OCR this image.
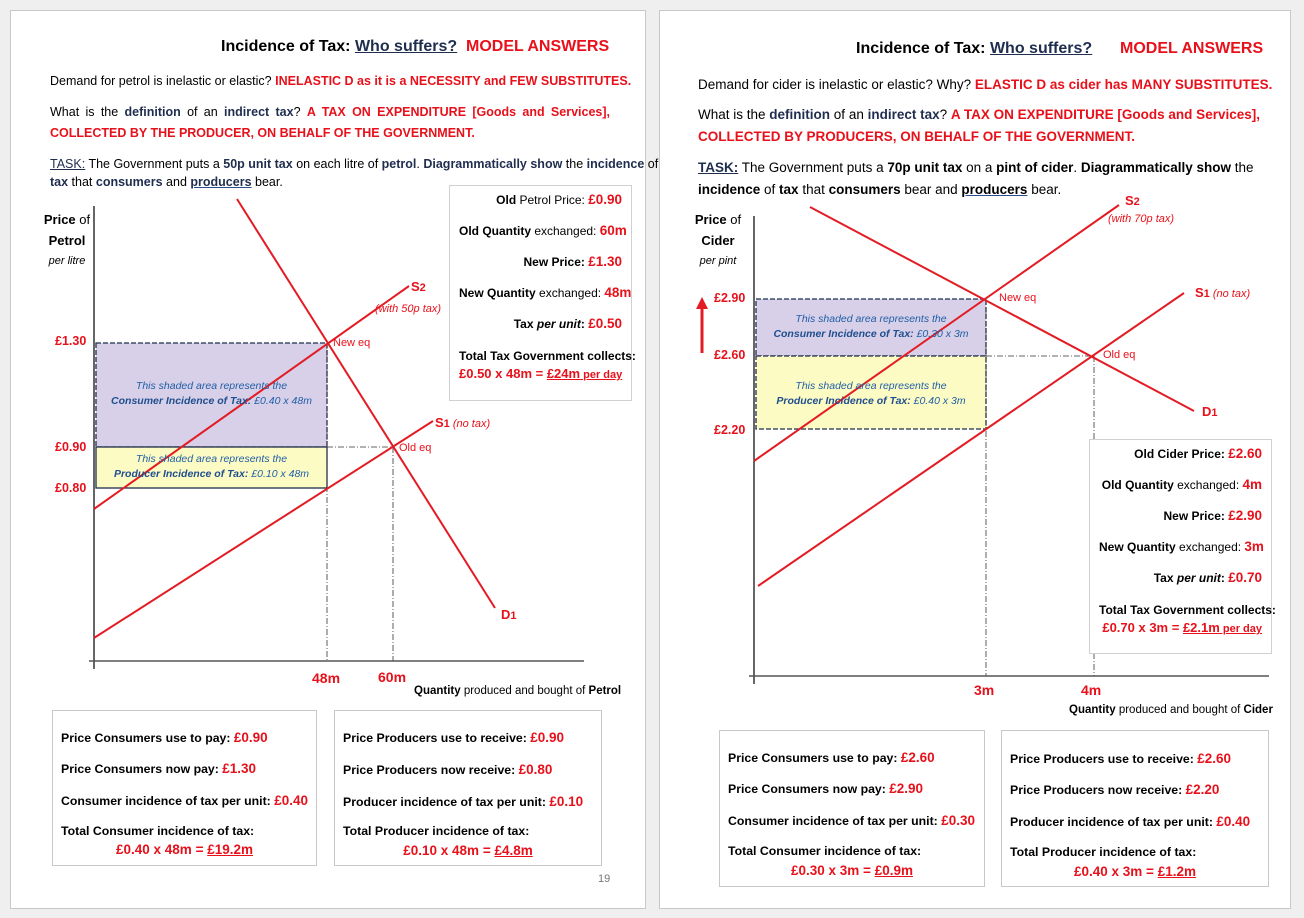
Incidence of Tax: Who suffers? MODEL ANSWERS
Demand for petrol is inelastic or elastic? INELASTIC D as it is a NECESSITY and FEW SUBSTITUTES.
What is the definition of an indirect tax? A TAX ON EXPENDITURE [Goods and Services],
COLLECTED BY THE PRODUCER, ON BEHALF OF THE GOVERNMENT.
TASK: The Government puts a 50p unit tax on each litre of petrol. Diagrammatically show the incidence of
tax that consumers and producers bear.
Price of
Petrol
per litre
£1.30
£0.90
£0.80
48m	60m
S2
(with 50p tax)
S1 (no tax)
D1
New eq
Old eq
This shaded area represents the
Consumer Incidence of Tax: £0.40 x 48m
This shaded area represents the
Producer Incidence of Tax: £0.10 x 48m
Quantity produced and bought of Petrol
Old Petrol Price: £0.90
Old Quantity exchanged: 60m
New Price: £1.30
New Quantity exchanged: 48m
Tax per unit: £0.50
Total Tax Government collects:
£0.50 x 48m = £24m per day
Price Consumers use to pay: £0.90
Price Consumers now pay: £1.30
Consumer incidence of tax per unit: £0.40
Total Consumer incidence of tax:
£0.40 x 48m = £19.2m
Price Producers use to receive: £0.90
Price Producers now receive: £0.80
Producer incidence of tax per unit: £0.10
Total Producer incidence of tax:
£0.10 x 48m = £4.8m
19
Incidence of Tax: Who suffers? MODEL ANSWERS
Demand for cider is inelastic or elastic? Why? ELASTIC D as cider has MANY SUBSTITUTES.
What is the definition of an indirect tax? A TAX ON EXPENDITURE [Goods and Services],
COLLECTED BY PRODUCERS, ON BEHALF OF THE GOVERNMENT.
TASK: The Government puts a 70p unit tax on a pint of cider. Diagrammatically show the
incidence of tax that consumers bear and producers bear.
Price of
Cider
per pint
£2.90
£2.60
£2.20
3m	4m
S2
(with 70p tax)
S1 (no tax)
D1
New eq
Old eq
This shaded area represents the
Consumer Incidence of Tax: £0.30 x 3m
This shaded area represents the
Producer Incidence of Tax: £0.40 x 3m
Quantity produced and bought of Cider
Old Cider Price: £2.60
Old Quantity exchanged: 4m
New Price: £2.90
New Quantity exchanged: 3m
Tax per unit: £0.70
Total Tax Government collects:
£0.70 x 3m = £2.1m per day
Price Consumers use to pay: £2.60
Price Consumers now pay: £2.90
Consumer incidence of tax per unit: £0.30
Total Consumer incidence of tax:
£0.30 x 3m = £0.9m
Price Producers use to receive: £2.60
Price Producers now receive: £2.20
Producer incidence of tax per unit: £0.40
Total Producer incidence of tax:
£0.40 x 3m = £1.2m
